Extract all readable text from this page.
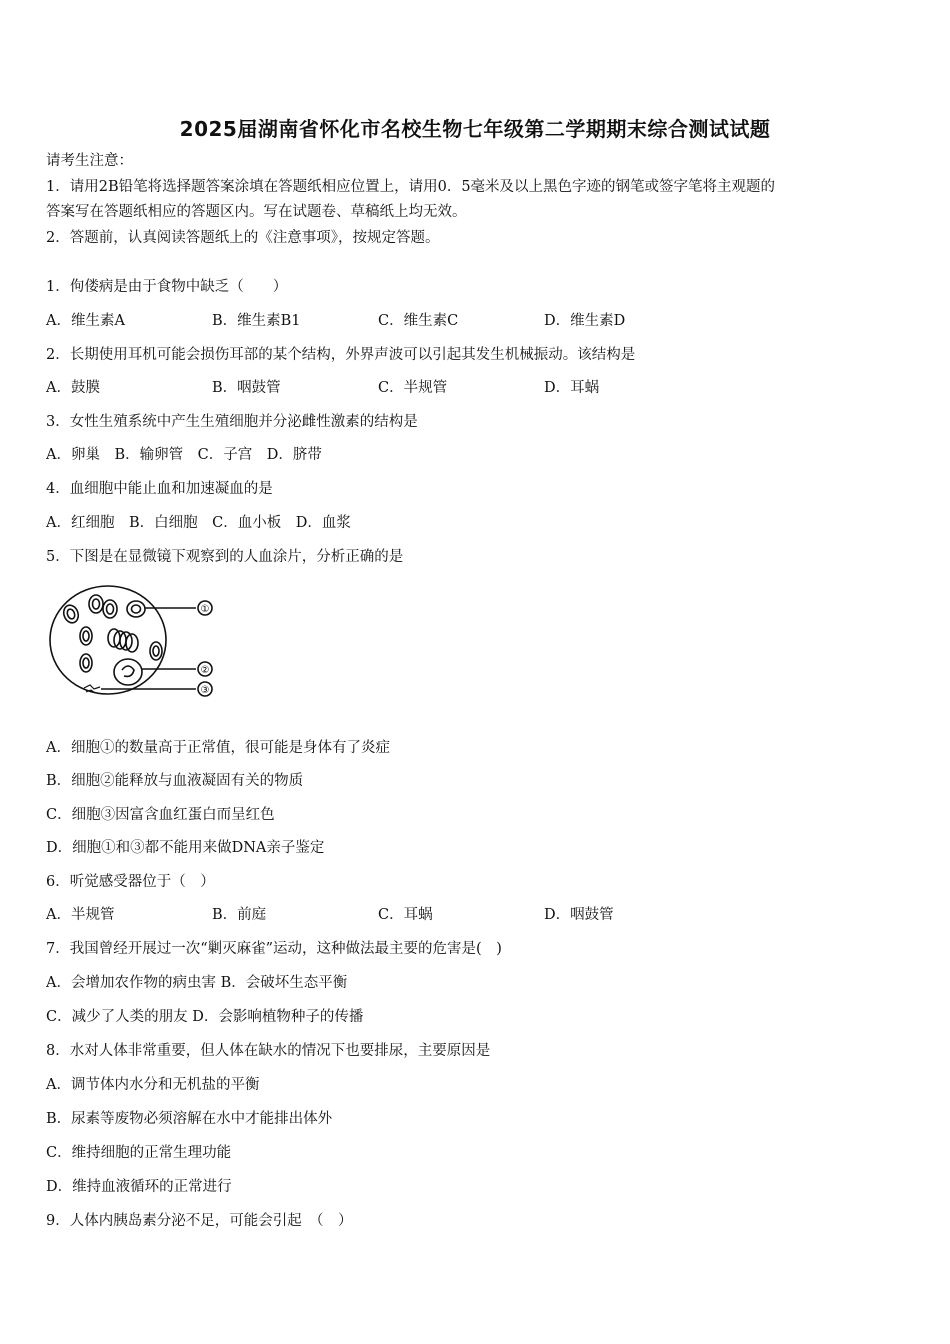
2025届湖南省怀化市名校生物七年级第二学期期末综合测试试题
请考生注意：
1．请用2B铅笔将选择题答案涂填在答题纸相应位置上，请用0．5毫米及以上黑色字迹的钢笔或签字笔将主观题的
答案写在答题纸相应的答题区内。写在试题卷、草稿纸上均无效。
2．答题前，认真阅读答题纸上的《注意事项》，按规定答题。
1．佝偻病是由于食物中缺乏（　　）
A．维生素A	B．维生素B1	C．维生素C	D．维生素D
2．长期使用耳机可能会损伤耳部的某个结构，外界声波可以引起其发生机械振动。该结构是
A．鼓膜	B．咽鼓管	C．半规管	D．耳蜗
3．女性生殖系统中产生生殖细胞并分泌雌性激素的结构是
A．卵巢　B．输卵管　C．子宫　D．脐带
4．血细胞中能止血和加速凝血的是
A．红细胞　B．白细胞　C．血小板　D．血浆
5．下图是在显微镜下观察到的人血涂片，分析正确的是
①
②
③
A．细胞①的数量高于正常值，很可能是身体有了炎症
B．细胞②能释放与血液凝固有关的物质
C．细胞③因富含血红蛋白而呈红色
D．细胞①和③都不能用来做DNA亲子鉴定
6．听觉感受器位于（　）
A．半规管	B．前庭	C．耳蜗	D．咽鼓管
7．我国曾经开展过一次“剿灭麻雀”运动，这种做法最主要的危害是(　)
A．会增加农作物的病虫害 B．会破坏生态平衡
C．减少了人类的朋友 D．会影响植物种子的传播
8．水对人体非常重要，但人体在缺水的情况下也要排尿，主要原因是
A．调节体内水分和无机盐的平衡
B．尿素等废物必须溶解在水中才能排出体外
C．维持细胞的正常生理功能
D．维持血液循环的正常进行
9．人体内胰岛素分泌不足，可能会引起　（　）
